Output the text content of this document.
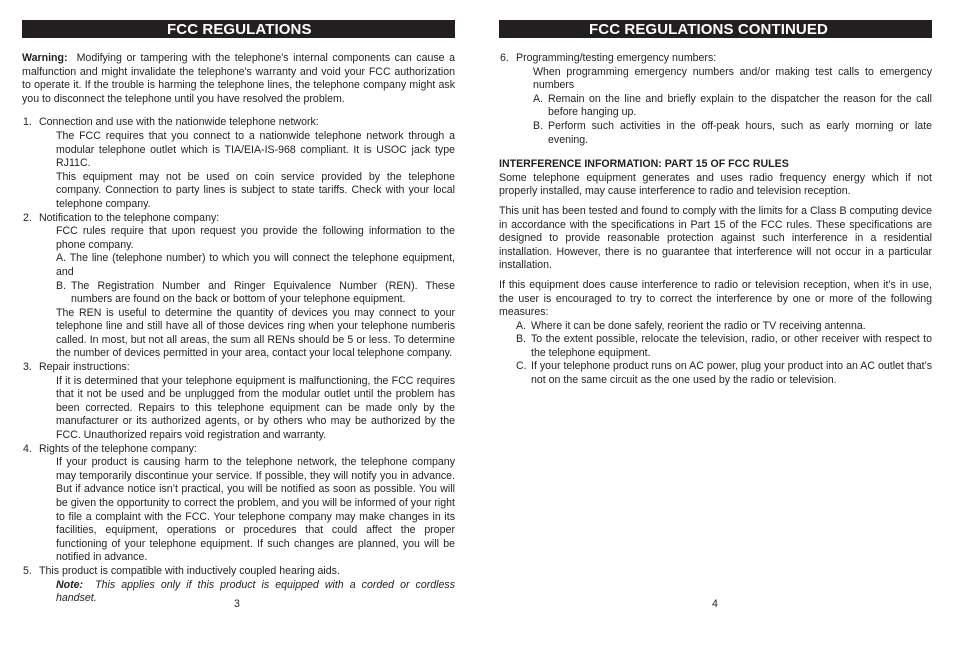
FCC REGULATIONS
Warning: Modifying or tampering with the telephone's internal components can cause a malfunction and might invalidate the telephone's warranty and void your FCC authorization to operate it. If the trouble is harming the telephone lines, the telephone company might ask you to disconnect the telephone until you have resolved the problem.
1. Connection and use with the nationwide telephone network:
The FCC requires that you connect to a nationwide telephone network through a modular telephone outlet which is TIA/EIA-IS-968 compliant. It is USOC jack type RJ11C.
This equipment may not be used on coin service provided by the telephone company. Connection to party lines is subject to state tariffs. Check with your local telephone company.
2. Notification to the telephone company:
FCC rules require that upon request you provide the following information to the phone company.
A. The line (telephone number) to which you will connect the telephone equipment, and
B. The Registration Number and Ringer Equivalence Number (REN). These numbers are found on the back or bottom of your telephone equipment.
The REN is useful to determine the quantity of devices you may connect to your telephone line and still have all of those devices ring when your telephone numberis called. In most, but not all areas, the sum all RENs should be 5 or less. To determine the number of devices permitted in your area, contact your local telephone company.
3. Repair instructions:
If it is determined that your telephone equipment is malfunctioning, the FCC requires that it not be used and be unplugged from the modular outlet until the problem has been corrected. Repairs to this telephone equipment can be made only by the manufacturer or its authorized agents, or by others who may be authorized by the FCC. Unauthorized repairs void registration and warranty.
4. Rights of the telephone company:
If your product is causing harm to the telephone network, the telephone company may temporarily discontinue your service. If possible, they will notify you in advance. But if advance notice isn’t practical, you will be notified as soon as possible. You will be given the opportunity to correct the problem, and you will be informed of your right to file a complaint with the FCC. Your telephone company may make changes in its facilities, equipment, operations or procedures that could affect the proper functioning of your telephone equipment. If such changes are planned, you will be notified in advance.
5. This product is compatible with inductively coupled hearing aids.
Note: This applies only if this product is equipped with a corded or cordless handset.	3
FCC REGULATIONS CONTINUED
6. Programming/testing emergency numbers:
When programming emergency numbers and/or making test calls to emergency numbers
A. Remain on the line and briefly explain to the dispatcher the reason for the call before hanging up.
B. Perform such activities in the off-peak hours, such as early morning or late evening.
INTERFERENCE INFORMATION: PART 15 OF FCC RULES
Some telephone equipment generates and uses radio frequency energy which if not properly installed, may cause interference to radio and television reception.
This unit has been tested and found to comply with the limits for a Class B computing device in accordance with the specifications in Part 15 of the FCC rules. These specifications are designed to provide reasonable protection against such interference in a residential installation. However, there is no guarantee that interference will not occur in a particular installation.
If this equipment does cause interference to radio or television reception, when it’s in use, the user is encouraged to try to correct the interference by one or more of the following measures:
A. Where it can be done safely, reorient the radio or TV receiving antenna.
B. To the extent possible, relocate the television, radio, or other receiver with respect to the telephone equipment.
C. If your telephone product runs on AC power, plug your product into an AC outlet that’s not on the same circuit as the one used by the radio or television.
4
